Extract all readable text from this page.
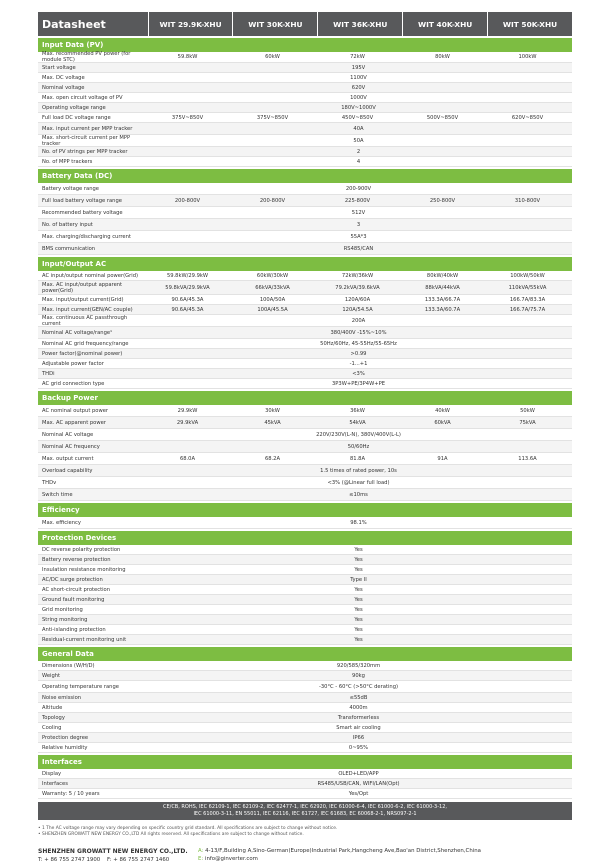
Datasheet	WIT 29.9K-XHU	WIT 30K-XHU	WIT 36K-XHU	WIT 40K-XHU	WIT 50K-XHU
Input Data (PV)
Max. recommended PV power (for module STC)	59.8kW	60kW	72kW	80kW	100kW
Start voltage	195V
Max. DC voltage	1100V
Nominal voltage	620V
Max. open circuit voltage of PV	1000V
Operating voltage range	180V~1000V
Full load DC voltage range	375V~850V	375V~850V	450V~850V	500V~850V	620V~850V
Max. input current per MPP tracker	40A
Max. short-circuit current per MPP tracker	50A
No. of PV strings per MPP tracker	2
No. of MPP trackers	4
Battery Data (DC)
Battery voltage range	200-900V
Full load battery voltage range	200-800V	200-800V	225-800V	250-800V	310-800V
Recommended battery voltage	512V
No. of battery input	3
Max. charging/discharging current	55A*3
BMS communication	RS485/CAN
Input/Output AC
AC input/output nominal power(Grid)	59.8kW/29.9kW	60kW/30kW	72kW/36kW	80kW/40kW	100kW/50kW
Max. AC input/output apparent power(Grid)	59.8kVA/29.9kVA	66kVA/33kVA	79.2kVA/39.6kVA	88kVA/44kVA	110kVA/55kVA
Max. input/output current(Grid)	90.6A/45.3A	100A/50A	120A/60A	133.3A/66.7A	166.7A/83.3A
Max. input current(GEN/AC couple)	90.6A/45.3A	100A/45.5A	120A/54.5A	133.3A/60.7A	166.7A/75.7A
Max. continuous AC passthrough current	200A
Nominal AC voltage/range¹	380/400V -15%~10%
Nominal AC grid frequency/range	50Hz/60Hz, 45-55Hz/55-65Hz
Power factor(@nominal power)	>0.99
Adjustable power factor	-1...+1
THDi	<3%
AC grid connection type	3P3W+PE/3P4W+PE
Backup Power
AC nominal output power	29.9kW	30kW	36kW	40kW	50kW
Max. AC apparent power	29.9kVA	45kVA	54kVA	60kVA	75kVA
Nominal AC voltage	220V/230V(L-N), 380V/400V(L-L)
Nominal AC frequency	50/60Hz
Max. output current	68.0A	68.2A	81.8A	91A	113.6A
Overload capability	1.5 times of rated power, 10s
THDv	<3% (@Linear full load)
Switch time	≤10ms
Efficiency
Max. efficiency	98.1%
Protection Devices
DC reverse polarity protection	Yes
Battery reverse protection	Yes
Insulation resistance monitoring	Yes
AC/DC surge protection	Type II
AC short-circuit protection	Yes
Ground fault monitoring	Yes
Grid monitoring	Yes
String monitoring	Yes
Anti-islanding protection	Yes
Residual-current monitoring unit	Yes
General Data
Dimensions (W/H/D)	920/585/320mm
Weight	90kg
Operating temperature range	-30°C - 60°C (>50°C derating)
Noise emission	≤55dB
Altitude	4000m
Topology	Transformerless
Cooling	Smart air cooling
Protection degree	IP66
Relative humidity	0~95%
Interfaces
Display	OLED+LED/APP
Interfaces	RS485/USB/CAN, WIFI/LAN(Opt)
Warranty: 5 / 10 years	Yes/Opt
CE/CB, ROHS, IEC 62109-1, IEC 62109-2, IEC 62477-1, IEC 62920, IEC 61000-6-4, IEC 61000-6-2, IEC 61000-3-12,
IEC 61000-3-11, EN 55011, IEC 62116, IEC 61727, IEC 61683, EC 60068-2-1, NRS097-2-1
• 1 The AC voltage range may vary depending on specific country grid standard. All specifications are subject to change without notice.
• SHENZHEN GROWATT NEW ENERGY CO.,LTD All rights reserved. All specifications are subject to change without notice.
SHENZHEN GROWATT NEW ENERGY CO.,LTD.
T: + 86 755 2747 1900 F: + 86 755 2747 1460
A: 4-13/F,Building A,Sino-German(Europe)Industrial Park,Hangcheng Ave,Bao'an District,Shenzhen,China
E: info@ginverter.com
